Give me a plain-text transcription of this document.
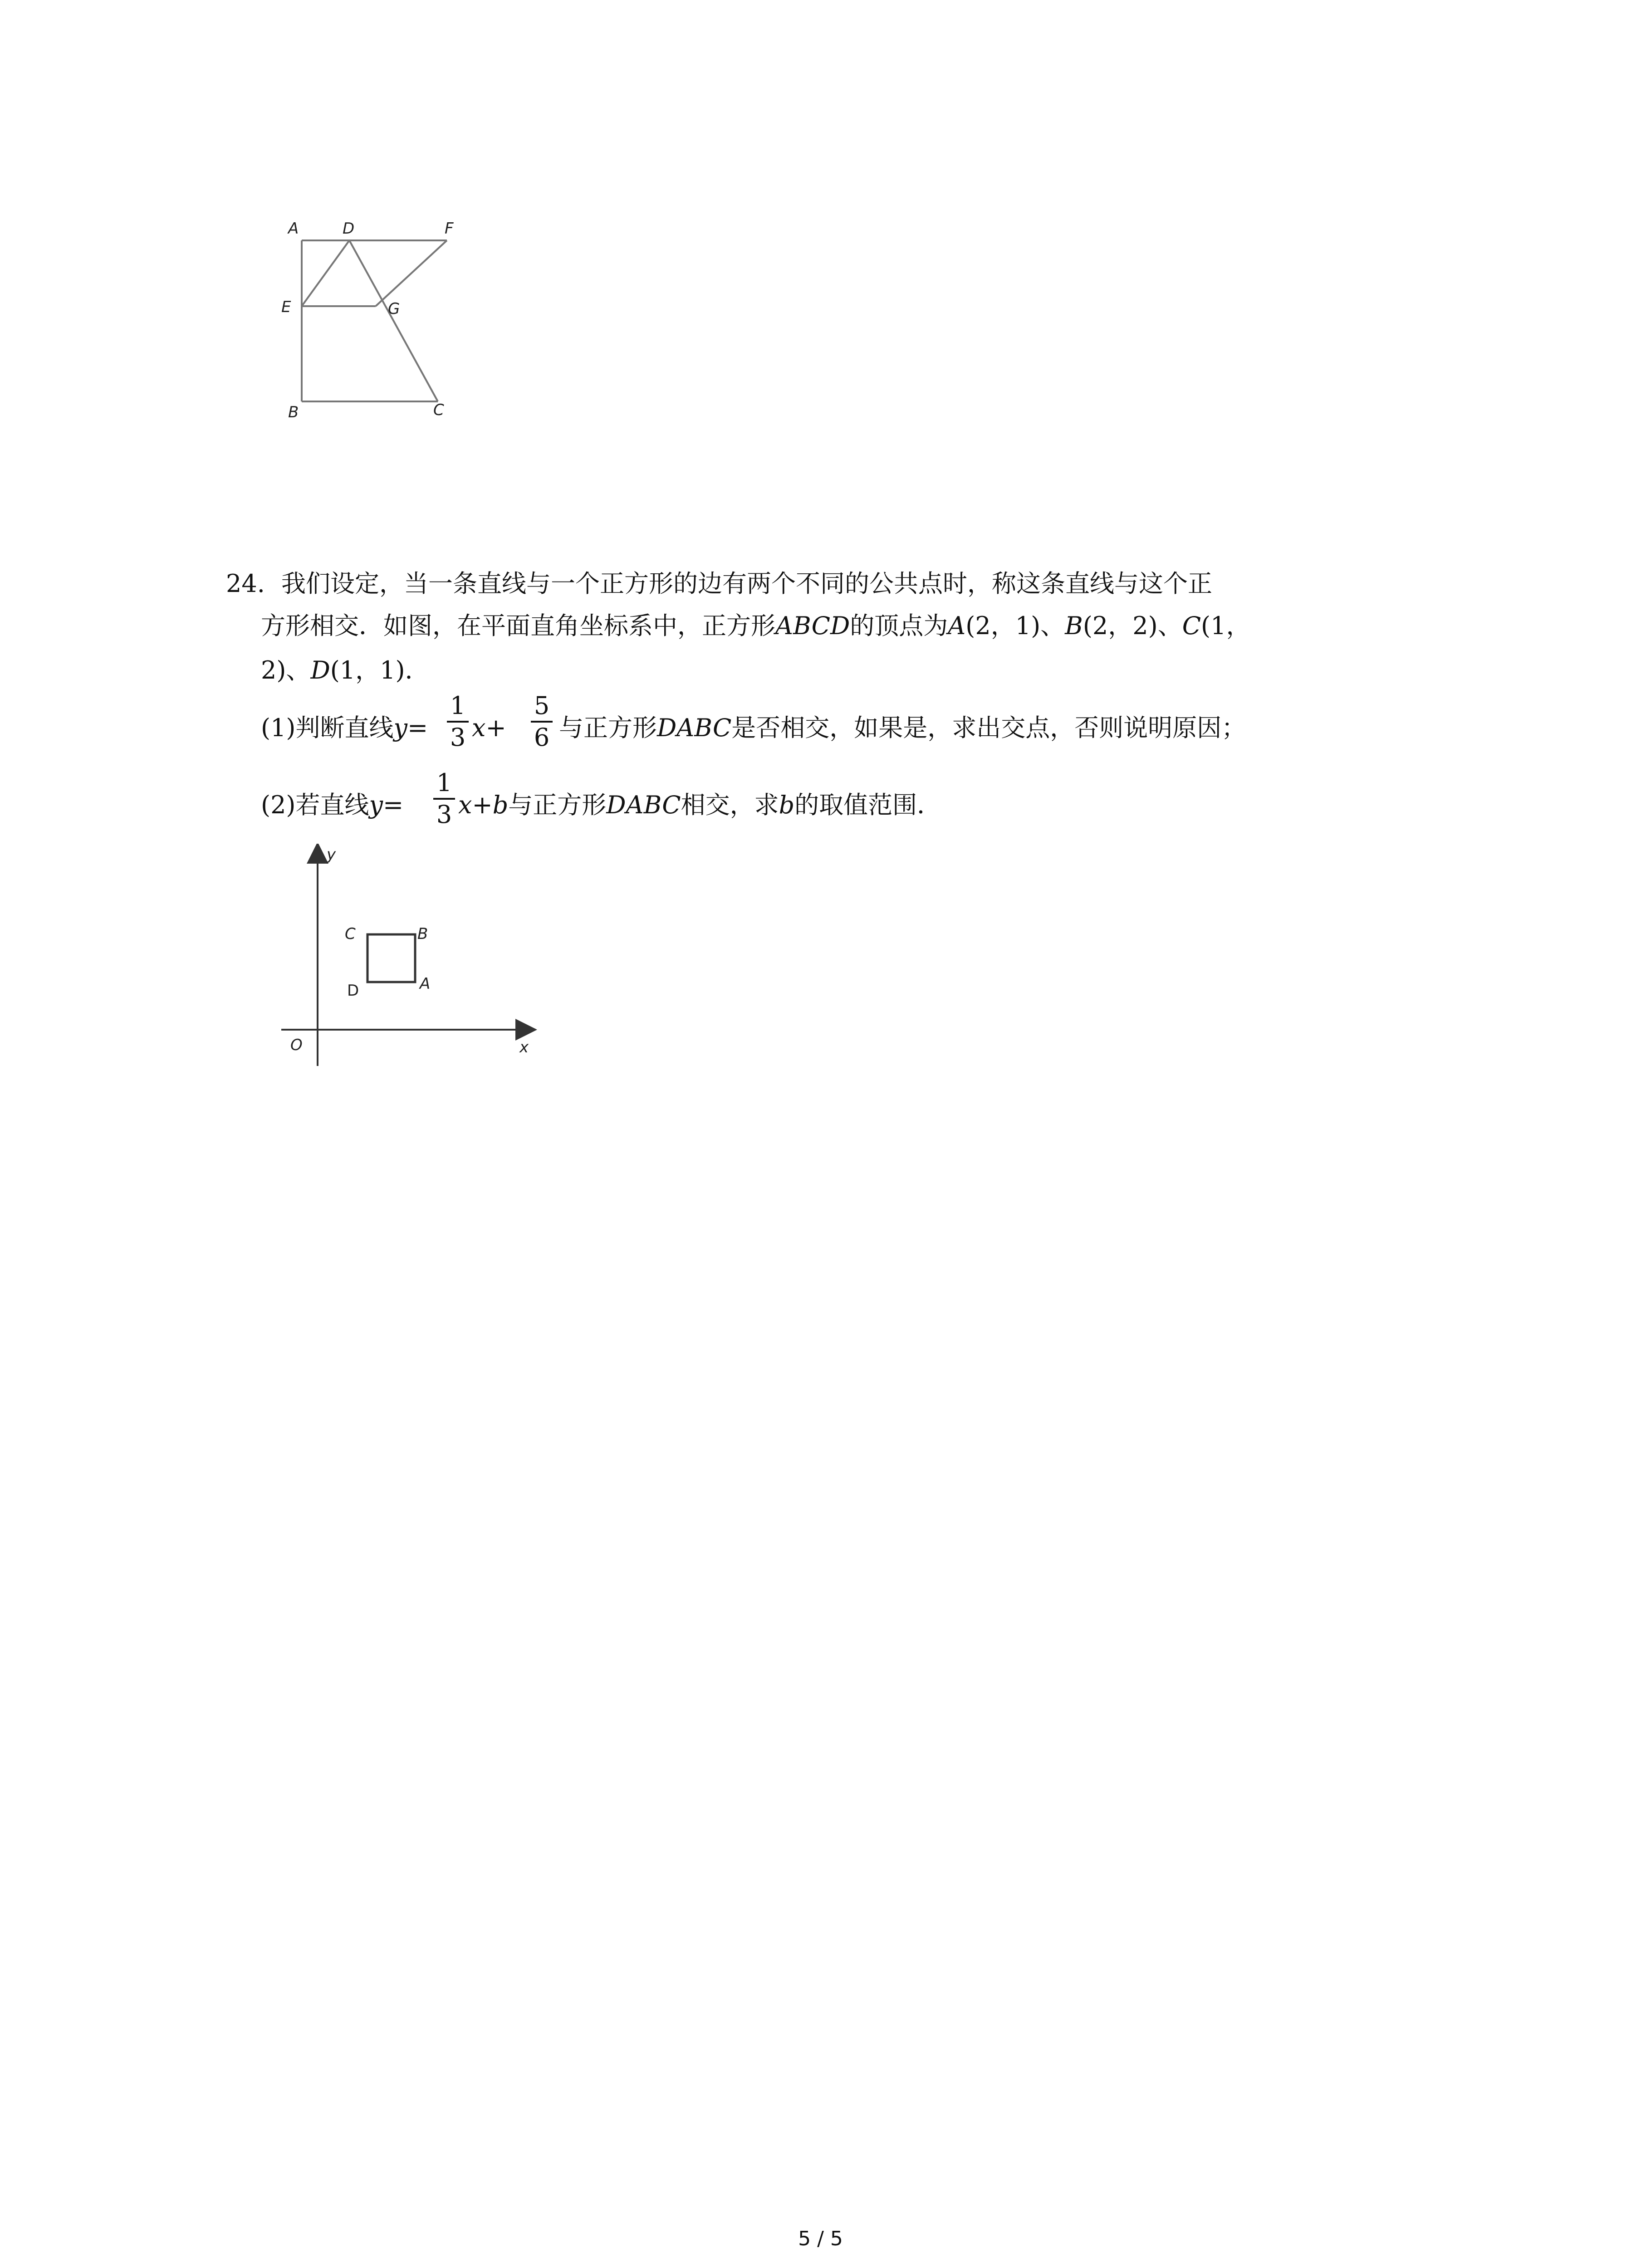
A	D	F
E	G
B	C
24. 我们设定，当一条直线与一个正方形的边有两个不同的公共点时，称这条直线与这个正
方形相交．如图，在平面直角坐标系中，正方形ABCD的顶点为A(2，1)、B(2，2)、C(1，
2)、D(1，1)．
(1)判断直线y=
1
3 x+
5
6 与正方形DABC是否相交，如果是，求出交点，否则说明原因；
(2)若直线y=
1
3 x+b与正方形DABC相交，求b的取值范围．
y
x
O
C	B
D	A
5 / 5
